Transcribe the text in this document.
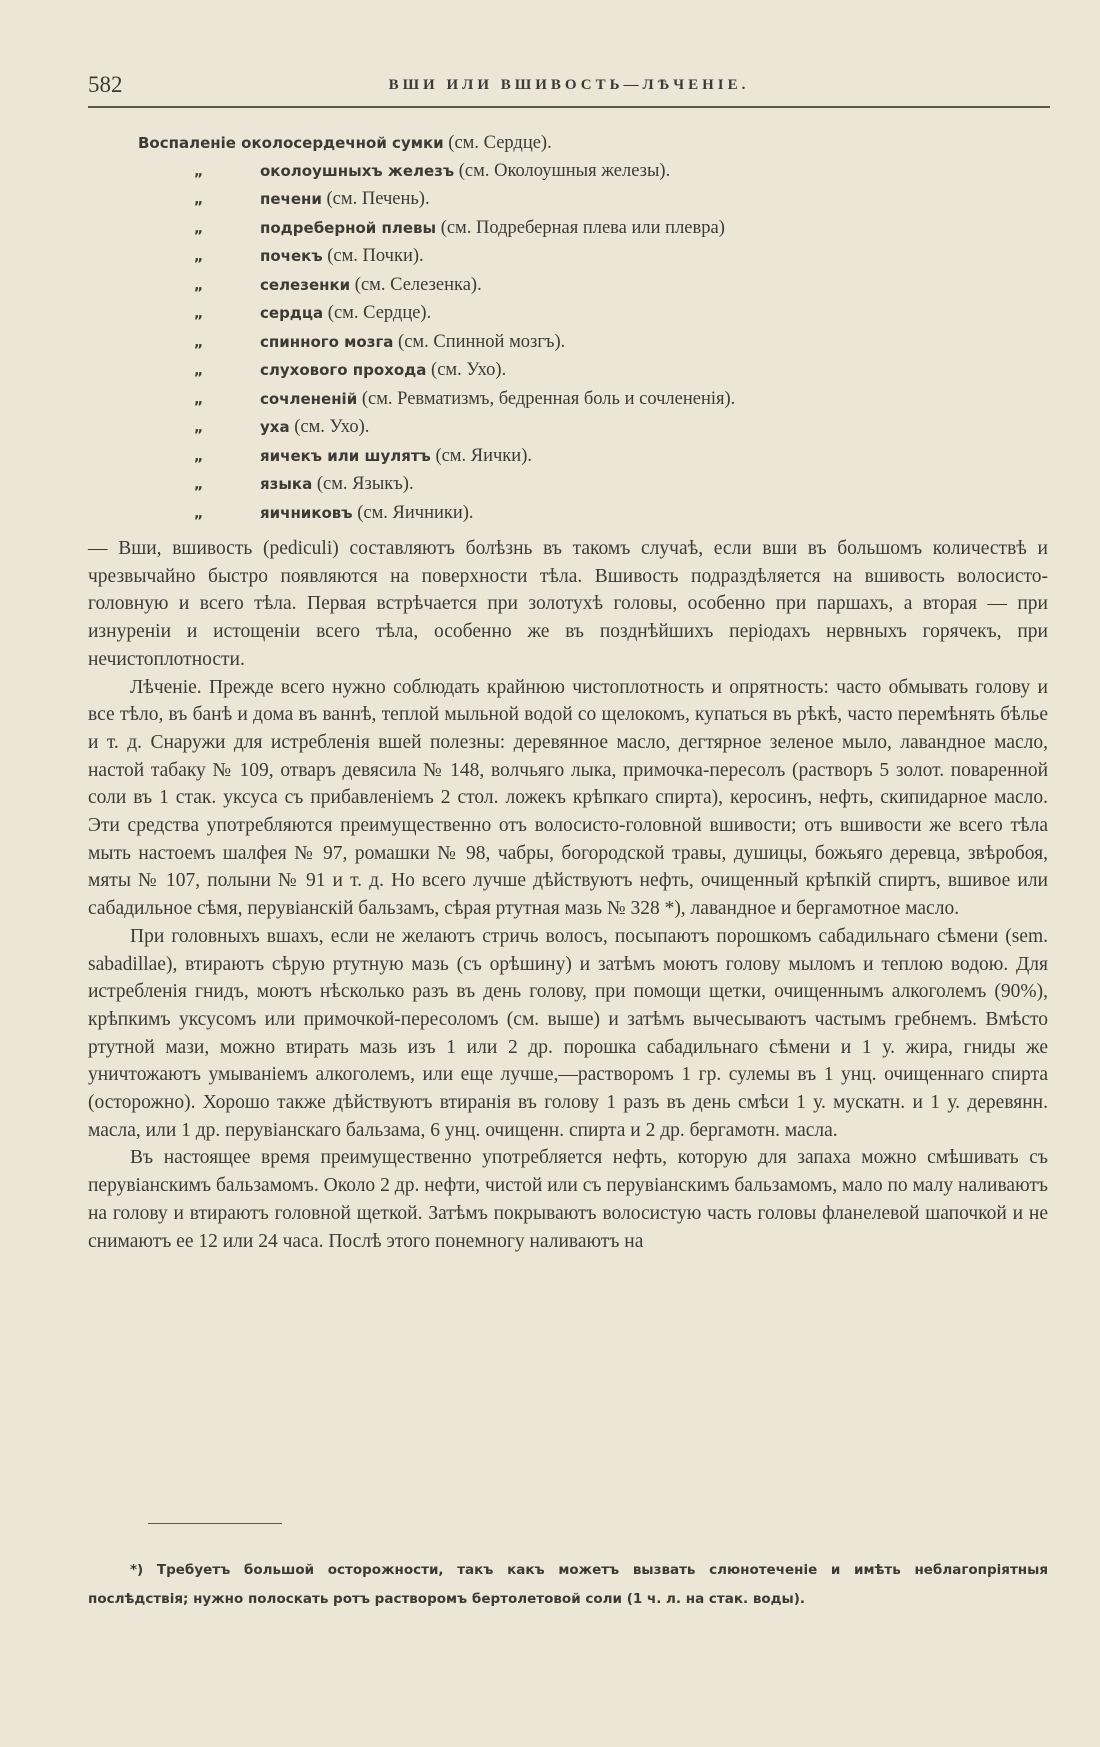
582	ВШИ ИЛИ ВШИВОСТЬ—ЛѢЧЕНІЕ.
Воспаленіе околосердечной сумки (см. Сердце).
„	околоушныхъ железъ (см. Околоушныя железы).
„	печени (см. Печень).
„	подреберной плевы (см. Подреберная плева или плевра)
„	почекъ (см. Почки).
„	селезенки (см. Селезенка).
„	сердца (см. Сердце).
„	спинного мозга (см. Спинной мозгъ).
„	слухового прохода (см. Ухо).
„	сочлененій (см. Ревматизмъ, бедренная боль и сочлененія).
„	уха (см. Ухо).
„	яичекъ или шулятъ (см. Яички).
„	языка (см. Языкъ).
„	яичниковъ (см. Яичники).

— Вши, вшивость (pediculi) составляютъ болѣзнь въ такомъ случаѣ, если вши въ большомъ количествѣ и чрезвычайно быстро появляются на поверхности тѣла. Вшивость подраздѣляется на вшивость волосисто-головную и всего тѣла. Первая встрѣчается при золотухѣ головы, особенно при паршахъ, а вторая — при изнуреніи и истощеніи всего тѣла, особенно же въ позднѣйшихъ періодахъ нервныхъ горячекъ, при нечистоплотности.

Лѣченіе. Прежде всего нужно соблюдать крайнюю чистоплотность и опрятность: часто обмывать голову и все тѣло, въ банѣ и дома въ ваннѣ, теплой мыльной водой со щелокомъ, купаться въ рѣкѣ, часто перемѣнять бѣлье и т. д. Снаружи для истребленія вшей полезны: деревянное масло, дегтярное зеленое мыло, лавандное масло, настой табаку № 109, отваръ девясила № 148, волчьяго лыка, примочка-пересолъ (растворъ 5 золот. поваренной соли въ 1 стак. уксуса съ прибавленіемъ 2 стол. ложекъ крѣпкаго спирта), керосинъ, нефть, скипидарное масло. Эти средства употребляются преимущественно отъ волосисто-головной вшивости; отъ вшивости же всего тѣла мыть настоемъ шалфея № 97, ромашки № 98, чабры, богородской травы, душицы, божьяго деревца, звѣробоя, мяты № 107, полыни № 91 и т. д. Но всего лучше дѣйствуютъ нефть, очищенный крѣпкій спиртъ, вшивое или сабадильное сѣмя, перувіанскій бальзамъ, сѣрая ртутная мазь № 328 *), лавандное и бергамотное масло.

При головныхъ вшахъ, если не желаютъ стричь волосъ, посыпаютъ порошкомъ сабадильнаго сѣмени (sem. sabadillae), втираютъ сѣрую ртутную мазь (съ орѣшину) и затѣмъ моютъ голову мыломъ и теплою водою. Для истребленія гнидъ, моютъ нѣсколько разъ въ день голову, при помощи щетки, очищеннымъ алкоголемъ (90%), крѣпкимъ уксусомъ или примочкой-пересоломъ (см. выше) и затѣмъ вычесываютъ частымъ гребнемъ. Вмѣсто ртутной мази, можно втирать мазь изъ 1 или 2 др. порошка сабадильнаго сѣмени и 1 у. жира, гниды же уничтожаютъ умываніемъ алкоголемъ, или еще лучше,—растворомъ 1 гр. сулемы въ 1 унц. очищеннаго спирта (осторожно). Хорошо также дѣйствуютъ втиранія въ голову 1 разъ въ день смѣси 1 у. мускатн. и 1 у. деревянн. масла, или 1 др. перувіанскаго бальзама, 6 унц. очищенн. спирта и 2 др. бергамотн. масла.

Въ настоящее время преимущественно употребляется нефть, которую для запаха можно смѣшивать съ перувіанскимъ бальзамомъ. Около 2 др. нефти, чистой или съ перувіанскимъ бальзамомъ, мало по малу наливаютъ на голову и втираютъ головной щеткой. Затѣмъ покрываютъ волосистую часть головы фланелевой шапочкой и не снимаютъ ее 12 или 24 часа. Послѣ этого понемногу наливаютъ на

*) Требуетъ большой осторожности, такъ какъ можетъ вызвать слюнотеченіе и имѣть неблагопріятныя послѣдствія; нужно полоскать ротъ растворомъ бертолетовой соли (1 ч. л. на стак. воды).
